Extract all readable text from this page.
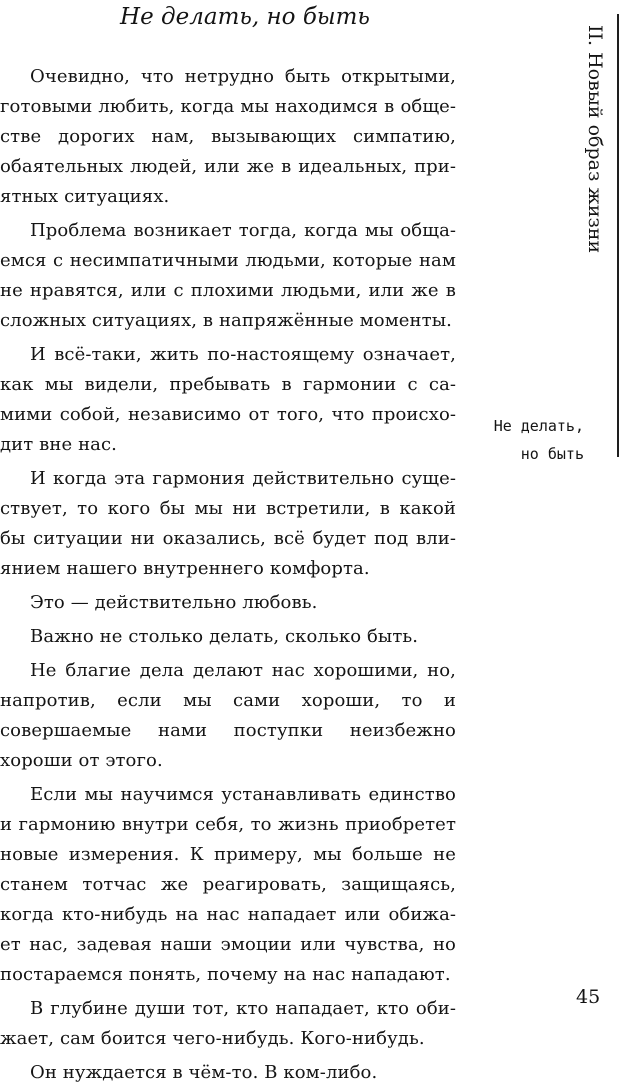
Не делать, но быть
II. Новый образ жизни
Не делать,
но быть

Очевидно, что нетрудно быть открытыми, готовыми любить, когда мы находимся в обществе дорогих нам, вызывающих симпатию, обаятельных людей, или же в идеальных, приятных ситуациях.

Проблема возникает тогда, когда мы общаемся с несимпатичными людьми, которые нам не нравятся, или с плохими людьми, или же в сложных ситуациях, в напряжённые моменты.

И всё-таки, жить по-настоящему означает, как мы видели, пребывать в гармонии с самими собой, независимо от того, что происходит вне нас.

И когда эта гармония действительно существует, то кого бы мы ни встретили, в какой бы ситуации ни оказались, всё будет под влиянием нашего внутреннего комфорта.

Это — действительно любовь.

Важно не столько делать, сколько быть.

Не благие дела делают нас хорошими, но, напротив, если мы сами хороши, то и совершаемые нами поступки неизбежно хороши от этого.

Если мы научимся устанавливать единство и гармонию внутри себя, то жизнь приобретет новые измерения. К примеру, мы больше не станем тотчас же реагировать, защищаясь, когда кто-нибудь на нас нападает или обижает нас, задевая наши эмоции или чувства, но постараемся понять, почему на нас нападают.

В глубине души тот, кто нападает, кто обижает, сам боится чего-нибудь. Кого-нибудь.

Он нуждается в чём-то. В ком-либо.

45
